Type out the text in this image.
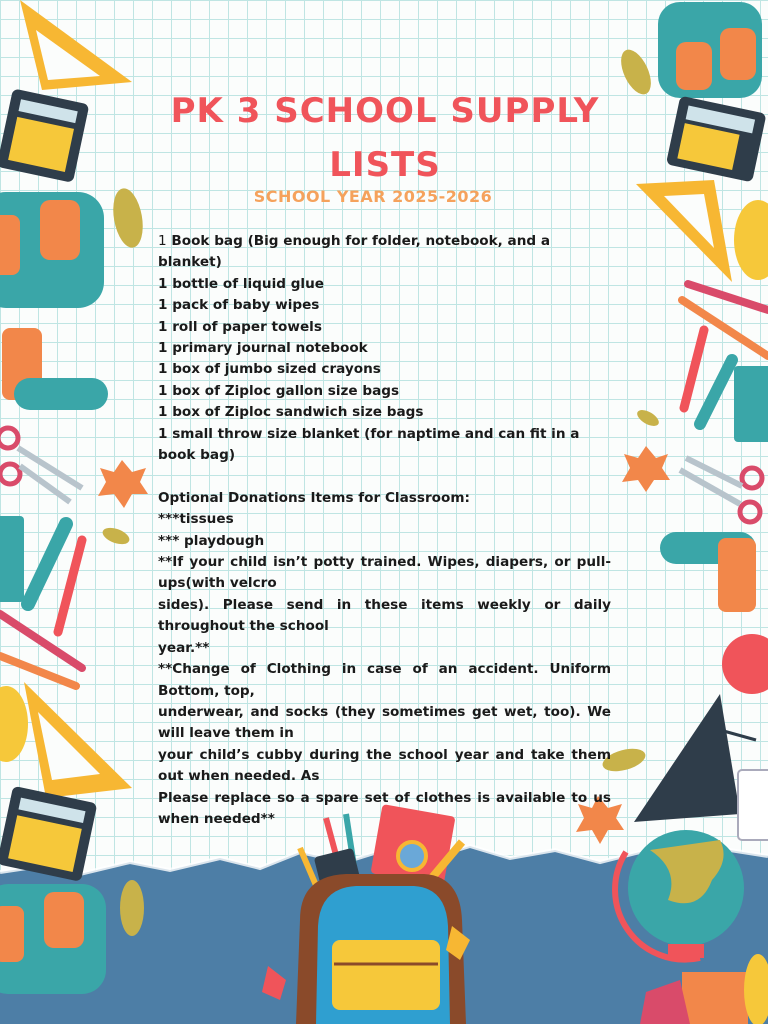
PK 3 SCHOOL SUPPLY
LISTS
SCHOOL YEAR 2025-2026

1 Book bag (Big enough for folder, notebook, and a blanket)

1 bottle of liquid glue

1 pack of baby wipes

1 roll of paper towels

1 primary journal notebook

1 box of jumbo sized crayons

1 box of Ziploc gallon size bags

1 box of Ziploc sandwich size bags

1 small throw size blanket (for naptime and can fit in a book bag)

Optional Donations Items for Classroom:

***tissues

*** playdough

**If your child isn’t potty trained. Wipes, diapers, or pull-ups(with velcro

sides). Please send in these items weekly or daily throughout the school

year.**

**Change of Clothing in case of an accident. Uniform Bottom, top,

underwear, and socks (they sometimes get wet, too). We will leave them in

your child’s cubby during the school year and take them out when needed. As

Please replace so a spare set of clothes is available to us when needed**
